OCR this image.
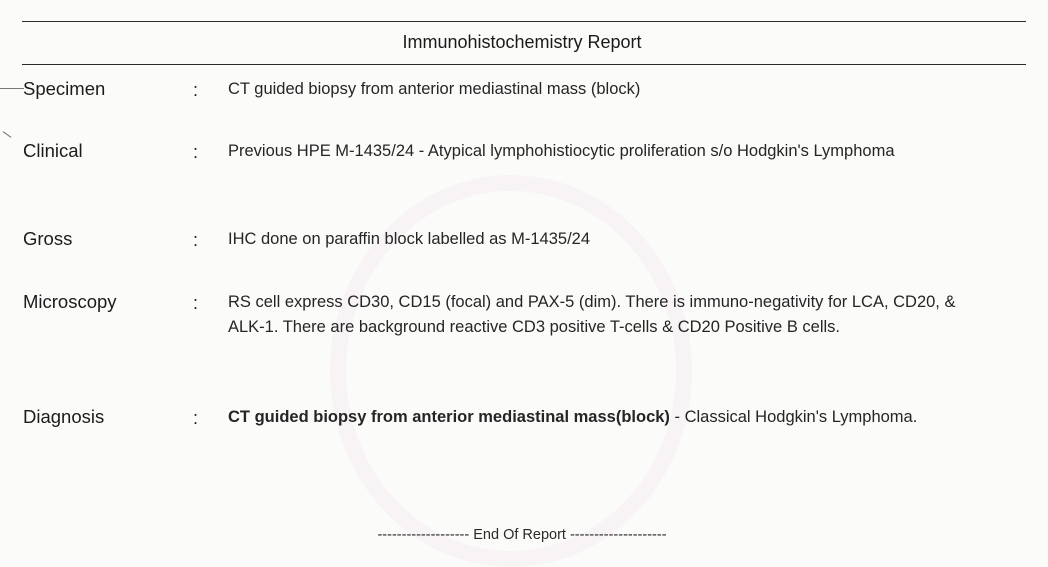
Immunohistochemistry Report
Specimen	: CT guided biopsy from anterior mediastinal mass (block)
Clinical	: Previous HPE M-1435/24 - Atypical lymphohistiocytic proliferation s/o Hodgkin's Lymphoma
Gross	: IHC done on paraffin block labelled as M-1435/24
Microscopy	: RS cell express CD30, CD15 (focal) and PAX-5 (dim). There is immuno-negativity for LCA, CD20, & ALK-1. There are background reactive CD3 positive T-cells & CD20 Positive B cells.
Diagnosis	: CT guided biopsy from anterior mediastinal mass(block) - Classical Hodgkin's Lymphoma.
------------------- End Of Report --------------------
